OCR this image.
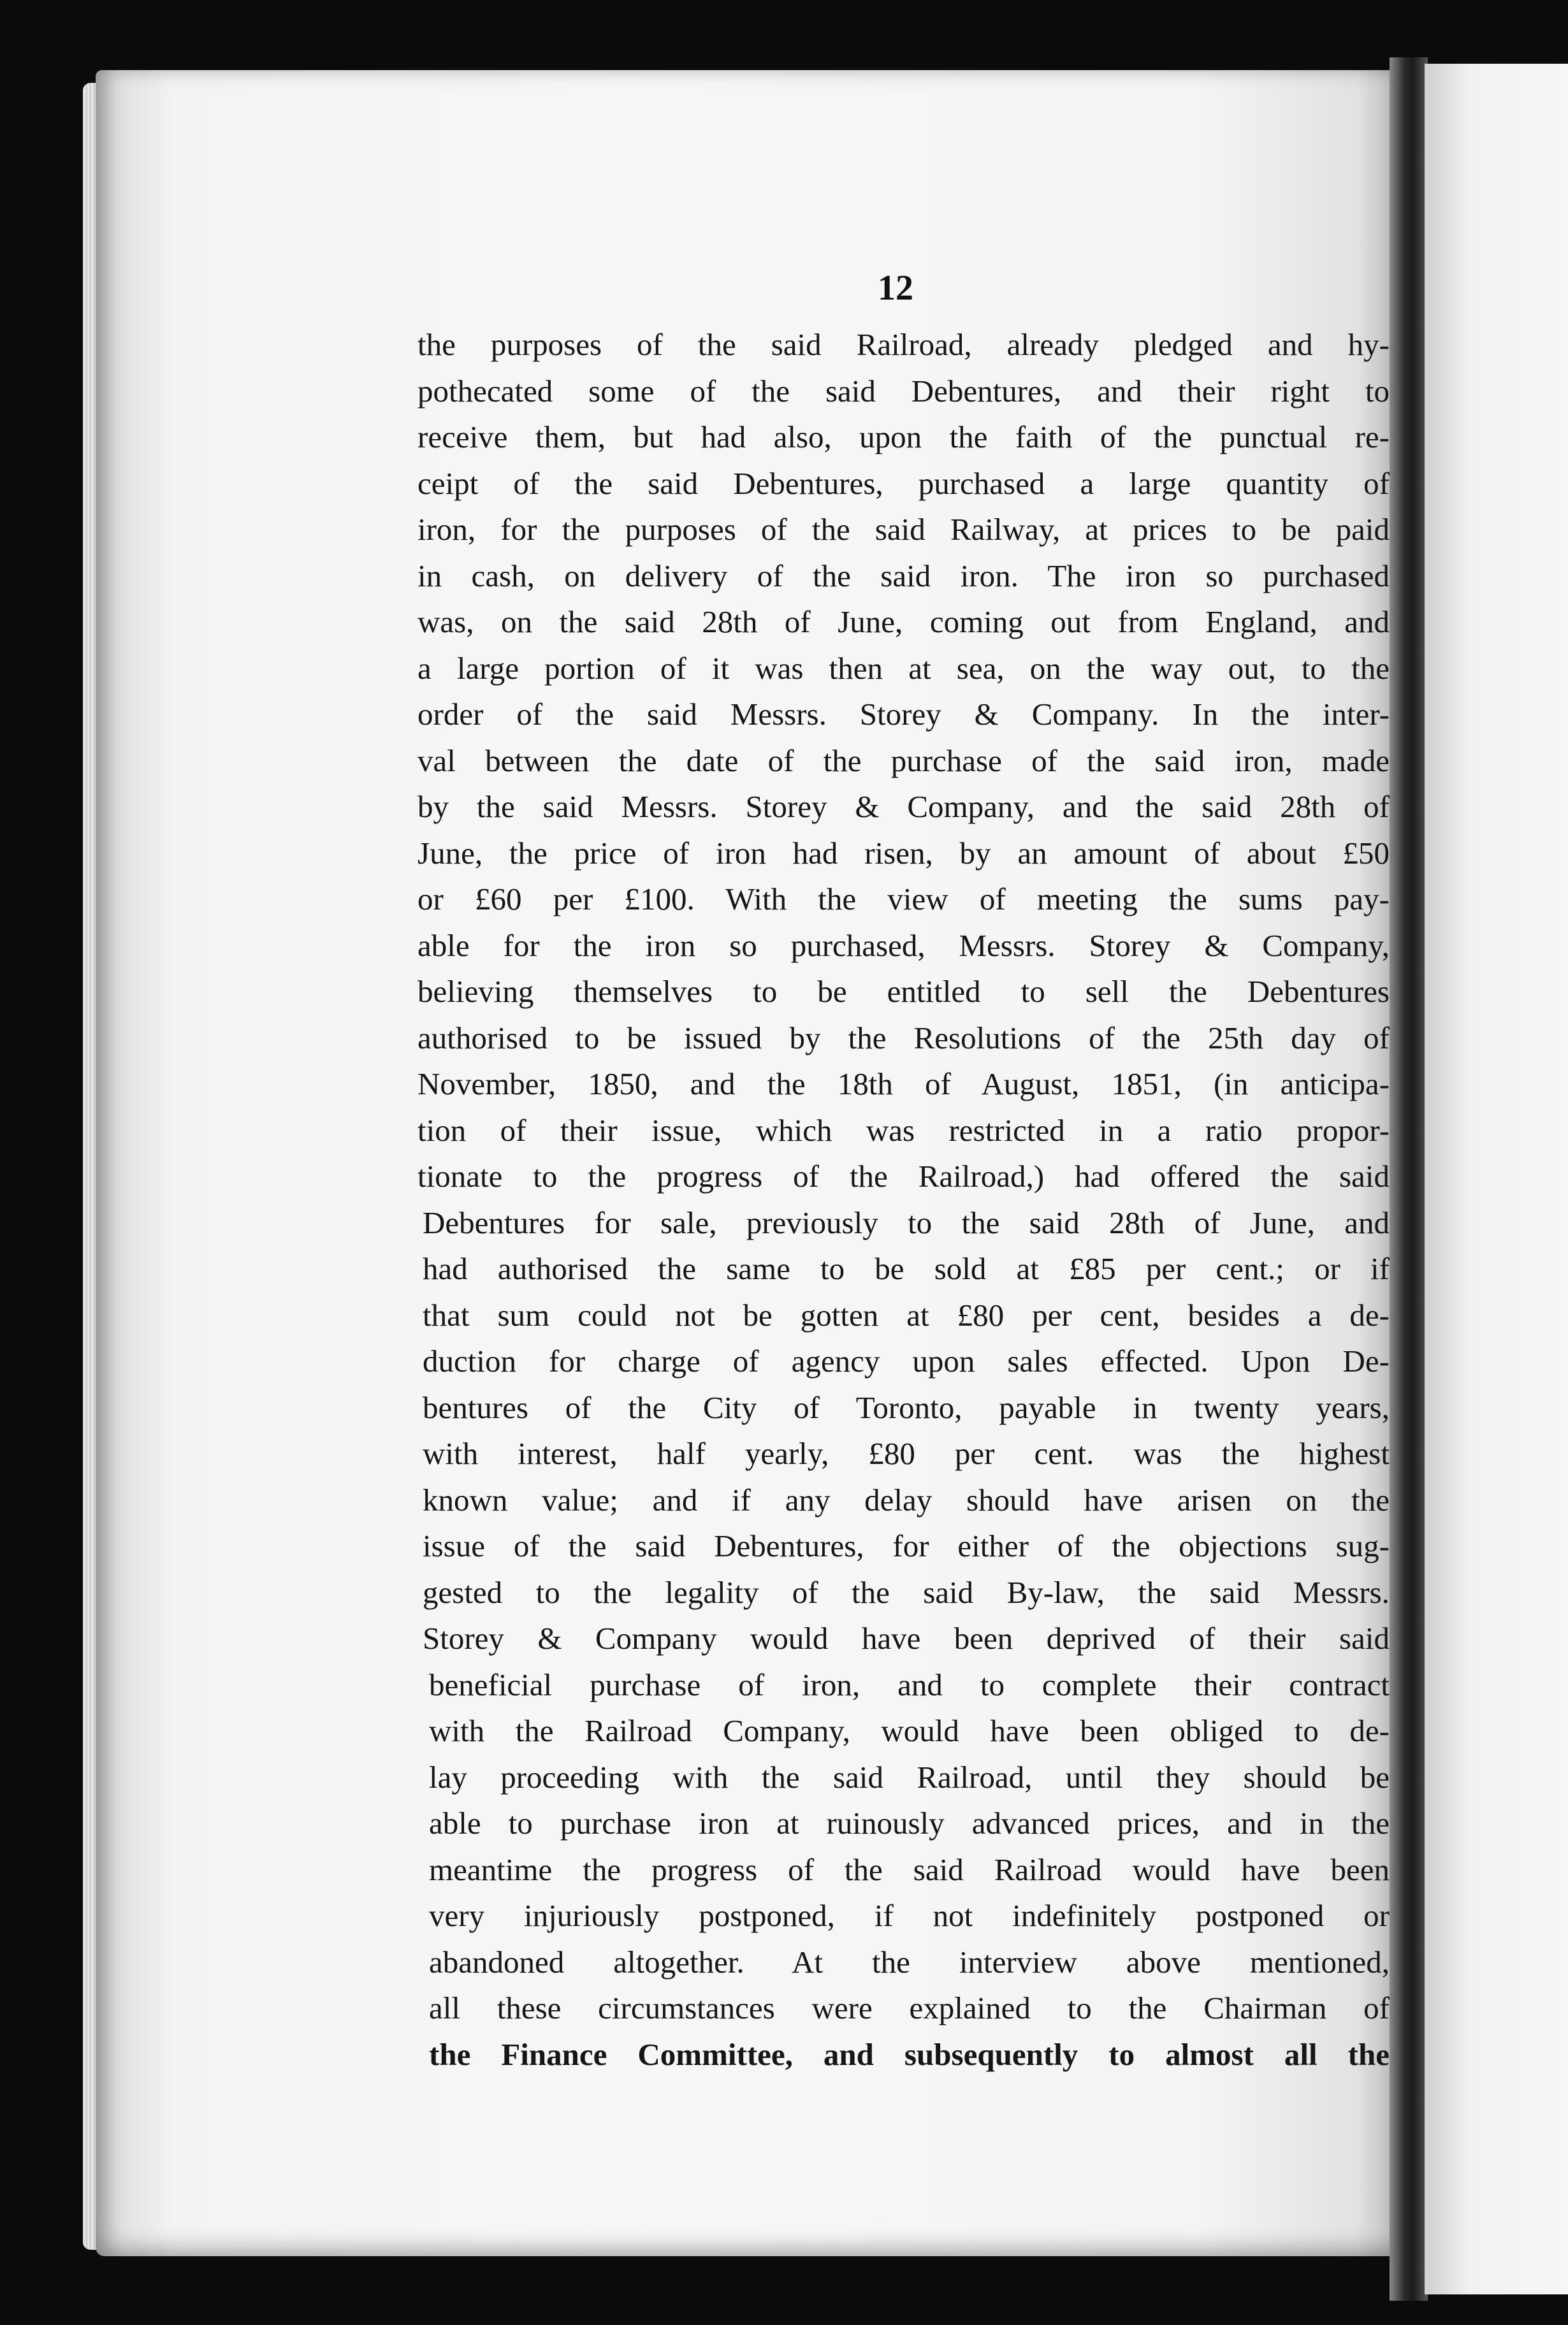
12
the purposes of the said Railroad, already pledged and hy-
pothecated some of the said Debentures, and their right to
receive them, but had also, upon the faith of the punctual re-
ceipt of the said Debentures, purchased a large quantity of
iron, for the purposes of the said Railway, at prices to be paid
in cash, on delivery of the said iron. The iron so purchased
was, on the said 28th of June, coming out from England, and
a large portion of it was then at sea, on the way out, to the
order of the said Messrs. Storey & Company. In the inter-
val between the date of the purchase of the said iron, made
by the said Messrs. Storey & Company, and the said 28th of
June, the price of iron had risen, by an amount of about £50
or £60 per £100. With the view of meeting the sums pay-
able for the iron so purchased, Messrs. Storey & Company,
believing themselves to be entitled to sell the Debentures
authorised to be issued by the Resolutions of the 25th day of
November, 1850, and the 18th of August, 1851, (in anticipa-
tion of their issue, which was restricted in a ratio propor-
tionate to the progress of the Railroad,) had offered the said
Debentures for sale, previously to the said 28th of June, and
had authorised the same to be sold at £85 per cent.; or if
that sum could not be gotten at £80 per cent, besides a de-
duction for charge of agency upon sales effected. Upon De-
bentures of the City of Toronto, payable in twenty years,
with interest, half yearly, £80 per cent. was the highest
known value; and if any delay should have arisen on the
issue of the said Debentures, for either of the objections sug-
gested to the legality of the said By-law, the said Messrs.
Storey & Company would have been deprived of their said
beneficial purchase of iron, and to complete their contract
with the Railroad Company, would have been obliged to de-
lay proceeding with the said Railroad, until they should be
able to purchase iron at ruinously advanced prices, and in the
meantime the progress of the said Railroad would have been
very injuriously postponed, if not indefinitely postponed or
abandoned altogether. At the interview above mentioned,
all these circumstances were explained to the Chairman of
the Finance Committee, and subsequently to almost all the
